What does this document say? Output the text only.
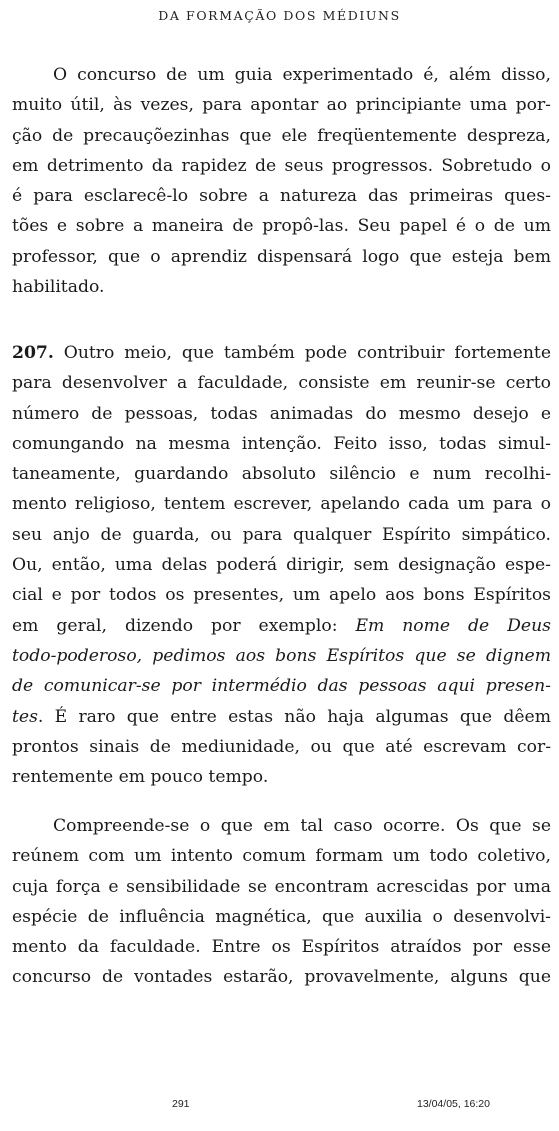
DA FORMAÇÃO DOS MÉDIUNS
O concurso de um guia experimentado é, além disso,
muito útil, às vezes, para apontar ao principiante uma por-
ção de precauçõezinhas que ele freqüentemente despreza,
em detrimento da rapidez de seus progressos. Sobretudo o
é para esclarecê-lo sobre a natureza das primeiras ques-
tões e sobre a maneira de propô-las. Seu papel é o de um
professor, que o aprendiz dispensará logo que esteja bem
habilitado.
207. Outro meio, que também pode contribuir fortemente
para desenvolver a faculdade, consiste em reunir-se certo
número de pessoas, todas animadas do mesmo desejo e
comungando na mesma intenção. Feito isso, todas simul-
taneamente, guardando absoluto silêncio e num recolhi-
mento religioso, tentem escrever, apelando cada um para o
seu anjo de guarda, ou para qualquer Espírito simpático.
Ou, então, uma delas poderá dirigir, sem designação espe-
cial e por todos os presentes, um apelo aos bons Espíritos
em geral, dizendo por exemplo: Em nome de Deus
todo-poderoso, pedimos aos bons Espíritos que se dignem
de comunicar-se por intermédio das pessoas aqui presen-
tes. É raro que entre estas não haja algumas que dêem
prontos sinais de mediunidade, ou que até escrevam cor-
rentemente em pouco tempo.
Compreende-se o que em tal caso ocorre. Os que se
reúnem com um intento comum formam um todo coletivo,
cuja força e sensibilidade se encontram acrescidas por uma
espécie de influência magnética, que auxilia o desenvolvi-
mento da faculdade. Entre os Espíritos atraídos por esse
concurso de vontades estarão, provavelmente, alguns que
291	13/04/05, 16:20
